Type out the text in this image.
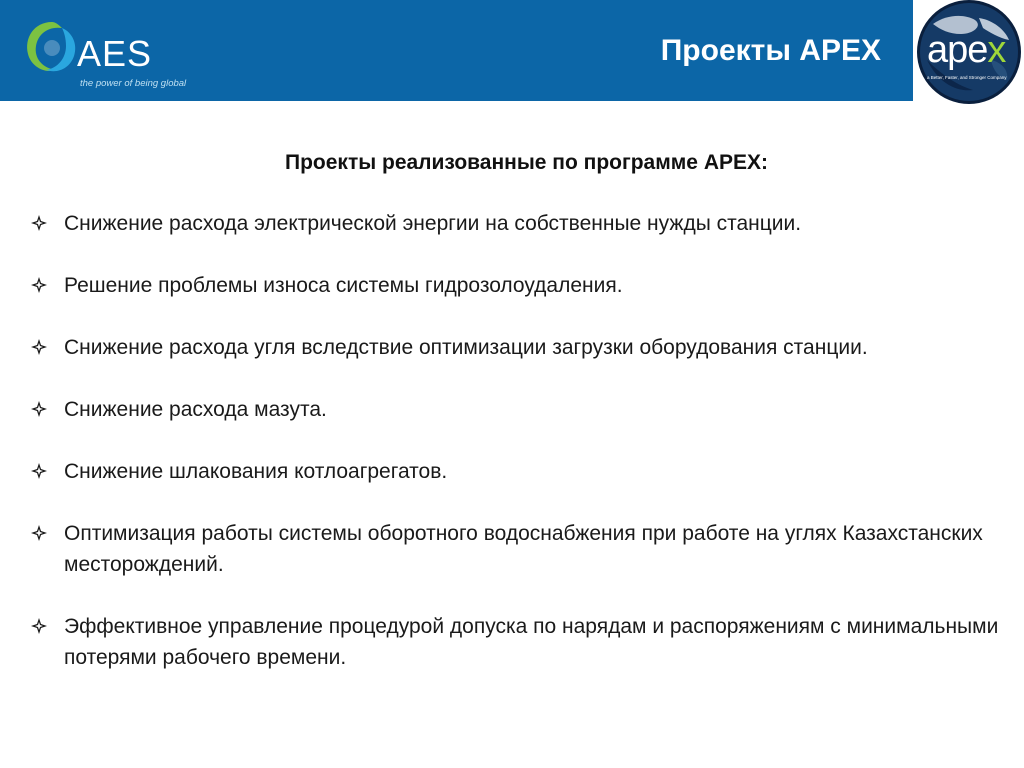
AES
the power of being global
Проекты APEX apеx
a Better, Faster, and Stronger Company
Проекты реализованные по программе APEX:
Снижение расхода электрической энергии на собственные нужды станции.
Решение проблемы износа системы гидрозолоудаления.
Снижение расхода угля вследствие оптимизации загрузки оборудования станции.
Снижение расхода мазута.
Снижение шлакования котлоагрегатов.
Оптимизация работы системы оборотного водоснабжения при работе на углях Казахстанских месторождений.
Эффективное управление процедурой допуска по нарядам и распоряжениям с минимальными потерями рабочего времени.
